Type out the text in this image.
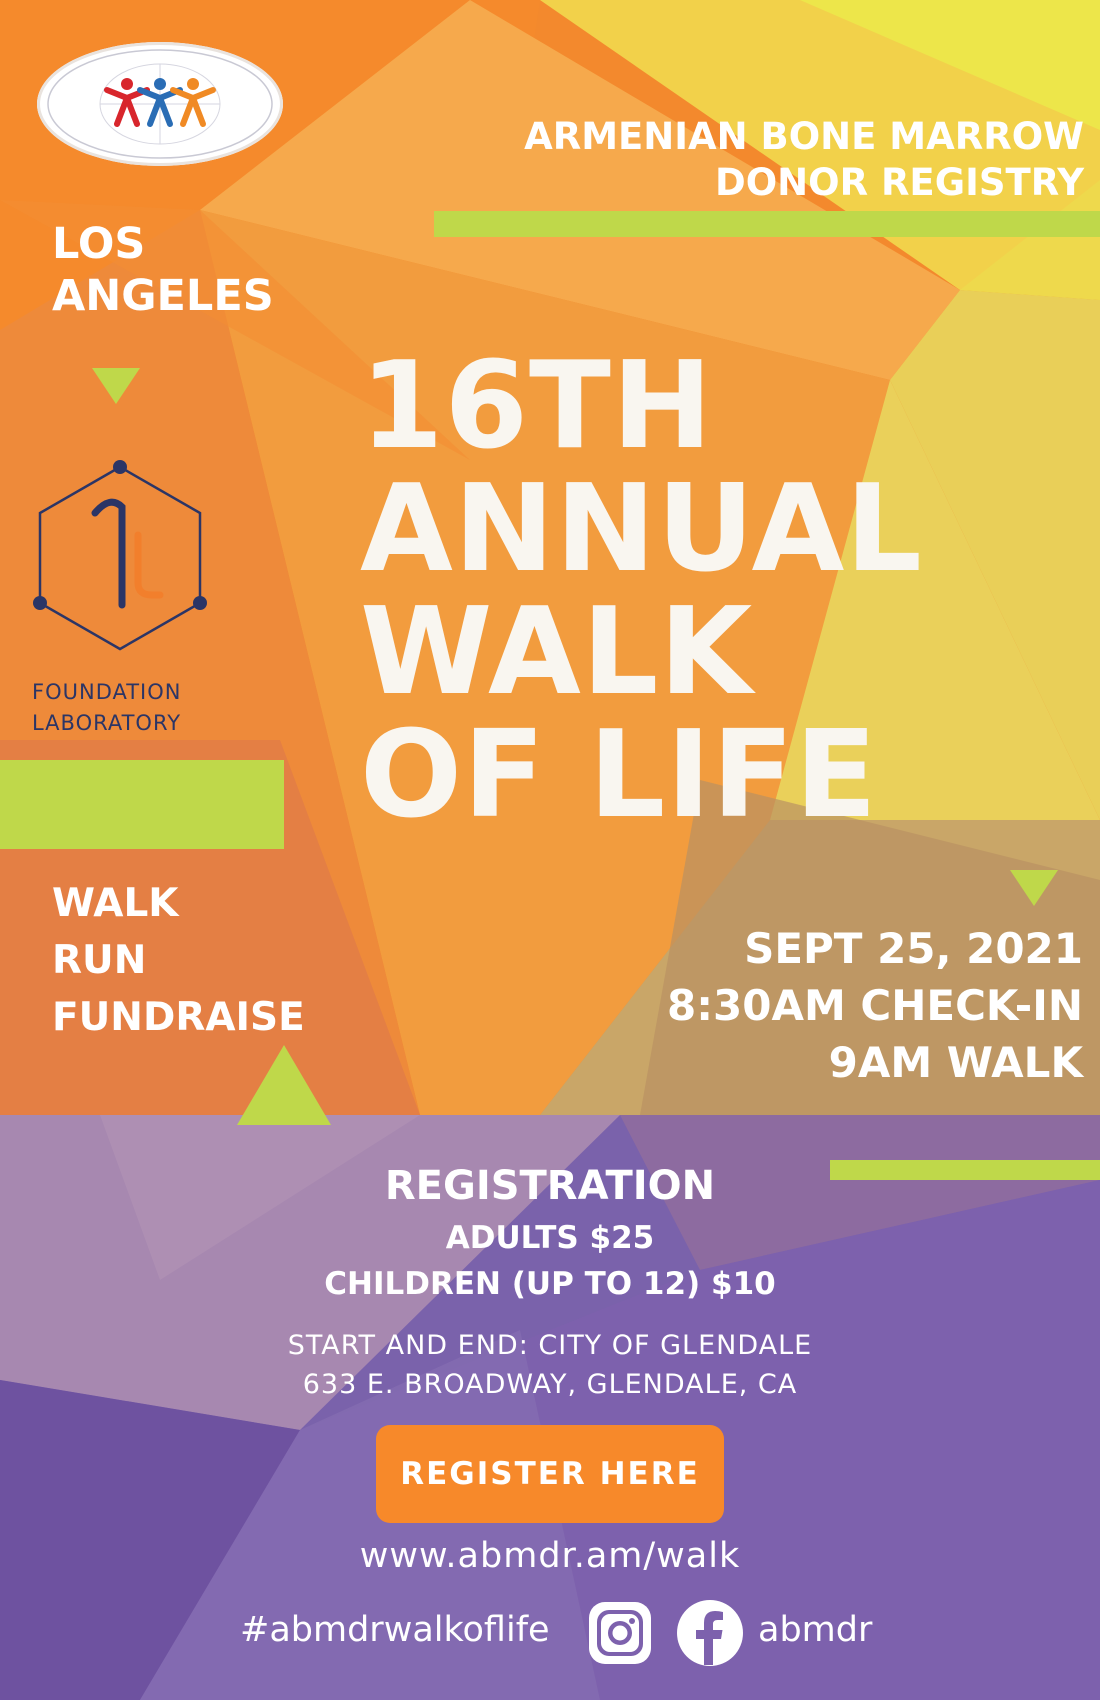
ARMENIAN BONE MARROW
DONOR REGISTRY
LOS
ANGELES
FOUNDATION
LABORATORY
16TH
ANNUAL
WALK
OF LIFE
WALK
RUN
FUNDRAISE
SEPT 25, 2021
8:30AM CHECK-IN
9AM WALK
REGISTRATION
ADULTS $25
CHILDREN (UP TO 12) $10
START AND END: CITY OF GLENDALE
633 E. BROADWAY, GLENDALE, CA
REGISTER HERE
www.abmdr.am/walk
#abmdrwalkoflife	abmdr
